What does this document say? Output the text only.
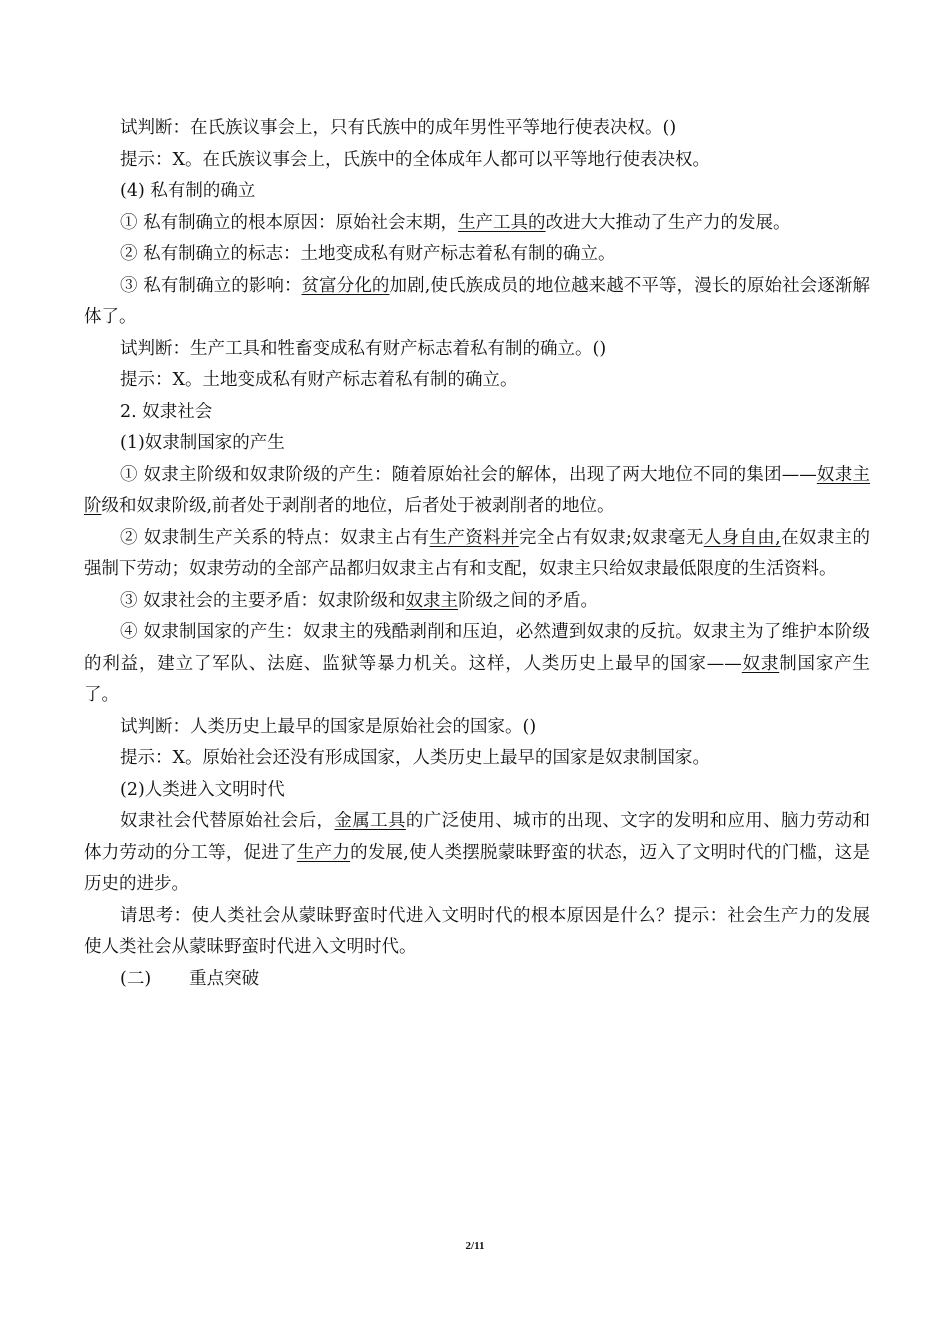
试判断：在氏族议事会上，只有氏族中的成年男性平等地行使表决权。()

提示：X。在氏族议事会上，氏族中的全体成年人都可以平等地行使表决权。

(4) 私有制的确立

① 私有制确立的根本原因：原始社会末期，生产工具的改进大大推动了生产力的发展。

② 私有制确立的标志：土地变成私有财产标志着私有制的确立。

③ 私有制确立的影响：贫富分化的加剧,使氏族成员的地位越来越不平等，漫长的原始社会逐渐解体了。

试判断：生产工具和牲畜变成私有财产标志着私有制的确立。()

提示：X。土地变成私有财产标志着私有制的确立。

2. 奴隶社会

(1)奴隶制国家的产生

① 奴隶主阶级和奴隶阶级的产生：随着原始社会的解体，出现了两大地位不同的集团——奴隶主阶级和奴隶阶级,前者处于剥削者的地位，后者处于被剥削者的地位。

② 奴隶制生产关系的特点：奴隶主占有生产资料并完全占有奴隶;奴隶毫无人身自由,在奴隶主的强制下劳动；奴隶劳动的全部产品都归奴隶主占有和支配，奴隶主只给奴隶最低限度的生活资料。

③ 奴隶社会的主要矛盾：奴隶阶级和奴隶主阶级之间的矛盾。

④ 奴隶制国家的产生：奴隶主的残酷剥削和压迫，必然遭到奴隶的反抗。奴隶主为了维护本阶级的利益，建立了军队、法庭、监狱等暴力机关。这样，人类历史上最早的国家——奴隶制国家产生了。

试判断：人类历史上最早的国家是原始社会的国家。()

提示：X。原始社会还没有形成国家，人类历史上最早的国家是奴隶制国家。

(2)人类进入文明时代

奴隶社会代替原始社会后，金属工具的广泛使用、城市的出现、文字的发明和应用、脑力劳动和体力劳动的分工等，促进了生产力的发展,使人类摆脱蒙昧野蛮的状态，迈入了文明时代的门槛，这是历史的进步。

请思考：使人类社会从蒙昧野蛮时代进入文明时代的根本原因是什么？提示：社会生产力的发展使人类社会从蒙昧野蛮时代进入文明时代。

(二) 重点突破

2/11
